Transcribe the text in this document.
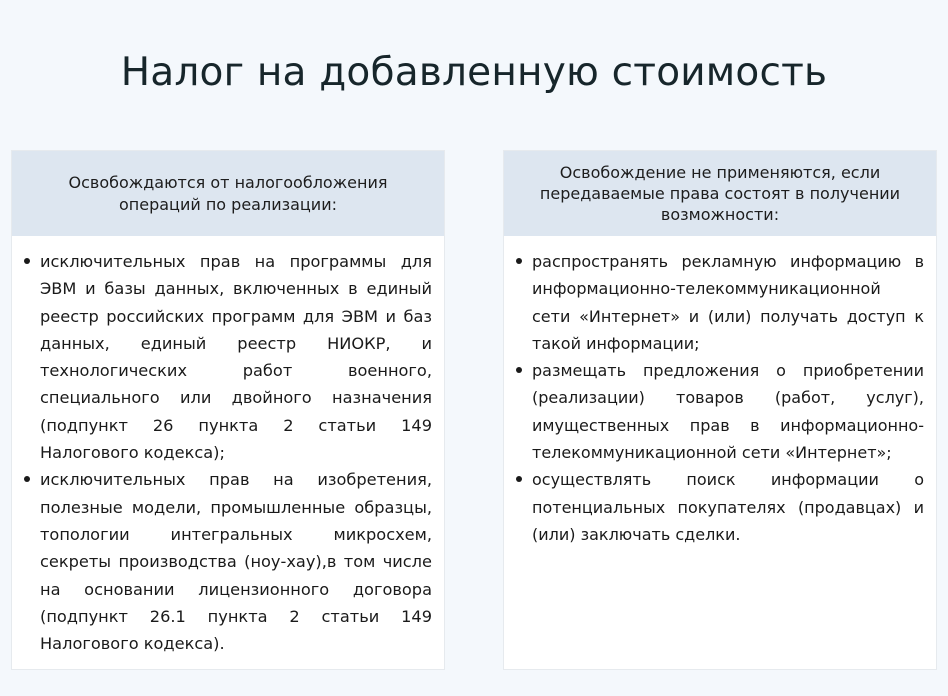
Налог на добавленную стоимость
Освобождаются от налогообложения операций по реализации:
исключительных прав на программы для ЭВМ и базы данных, включенных в единый реестр российских программ для ЭВМ и баз данных, единый реестр НИОКР, и технологических работ военного, специального или двойного назначения (подпункт 26 пункта 2 статьи 149 Налогового кодекса);
исключительных прав на изобретения, полезные модели, промышленные образцы, топологии интегральных микросхем, секреты производства (ноу-хау),в том числе на основании лицензионного договора (подпункт 26.1 пункта 2 статьи 149 Налогового кодекса).
Освобождение не применяются, если передаваемые права состоят в получении возможности:
распространять рекламную информацию в информационно-телекоммуникационной сети «Интернет» и (или) получать доступ к такой информации;
размещать предложения о приобретении (реализации) товаров (работ, услуг), имущественных прав в информационно-телекоммуникационной сети «Интернет»;
осуществлять поиск информации о потенциальных покупателях (продавцах) и (или) заключать сделки.
